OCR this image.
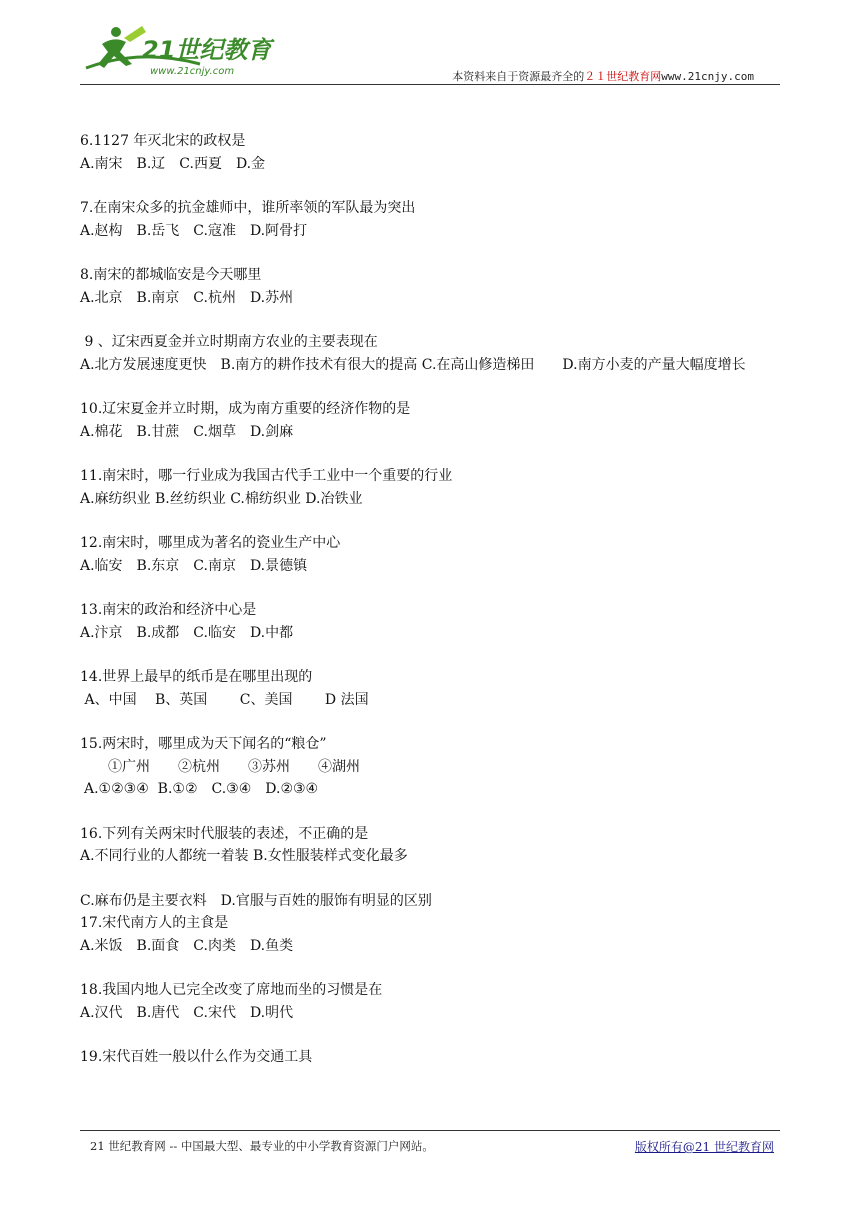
21世纪教育
www.21cnjy.com	本资料来自于资源最齐全的２１世纪教育网www.21cnjy.com
6.1127 年灭北宋的政权是
A.南宋　B.辽　C.西夏　D.金
7.在南宋众多的抗金雄师中，谁所率领的军队最为突出
A.赵构　B.岳飞　C.寇准　D.阿骨打
8.南宋的都城临安是今天哪里
A.北京　B.南京　C.杭州　D.苏州
9 、辽宋西夏金并立时期南方农业的主要表现在
A.北方发展速度更快　B.南方的耕作技术有很大的提高 C.在高山修造梯田　　D.南方小麦的产量大幅度增长
10.辽宋夏金并立时期，成为南方重要的经济作物的是
A.棉花　B.甘蔗　C.烟草　D.剑麻
11.南宋时，哪一行业成为我国古代手工业中一个重要的行业
A.麻纺织业 B.丝纺织业 C.棉纺织业 D.冶铁业
12.南宋时，哪里成为著名的瓷业生产中心
A.临安　B.东京　C.南京　D.景德镇
13.南宋的政治和经济中心是
A.汴京　B.成都　C.临安　D.中都
14.世界上最早的纸币是在哪里出现的
A、中国　 B、英国　　 C、美国　　 D 法国
15.两宋时，哪里成为天下闻名的“粮仓”
①广州　　②杭州　　③苏州　　④湖州
A.①②③④  B.①②　C.③④　D.②③④
16.下列有关两宋时代服装的表述，不正确的是
A.不同行业的人都统一着装 B.女性服装样式变化最多
C.麻布仍是主要衣料　D.官服与百姓的服饰有明显的区别
17.宋代南方人的主食是
A.米饭　B.面食　C.肉类　D.鱼类
18.我国内地人已完全改变了席地而坐的习惯是在
A.汉代　B.唐代　C.宋代　D.明代
19.宋代百姓一般以什么作为交通工具
21 世纪教育网 -- 中国最大型、最专业的中小学教育资源门户网站。	版权所有@21 世纪教育网
